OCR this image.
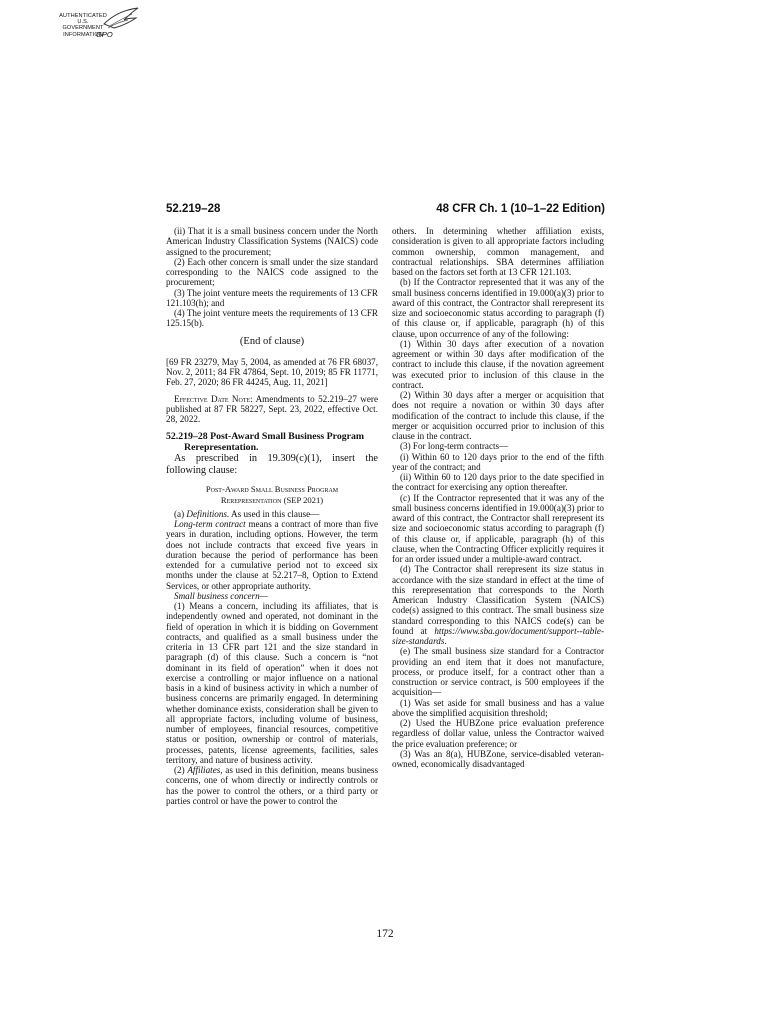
AUTHENTICATED
U.S. GOVERNMENT
INFORMATION
GPO
52.219–28	48 CFR Ch. 1 (10–1–22 Edition)

(ii) That it is a small business concern under the North American Industry Classification Systems (NAICS) code assigned to the procurement;

(2) Each other concern is small under the size standard corresponding to the NAICS code assigned to the procurement;

(3) The joint venture meets the requirements of 13 CFR 121.103(h); and

(4) The joint venture meets the requirements of 13 CFR 125.15(b).

(End of clause)

[69 FR 23279, May 5, 2004, as amended at 76 FR 68037, Nov. 2, 2011; 84 FR 47864, Sept. 10, 2019; 85 FR 11771, Feb. 27, 2020; 86 FR 44245, Aug. 11, 2021]

Effective Date Note: Amendments to 52.219–27 were published at 87 FR 58227, Sept. 23, 2022, effective Oct. 28, 2022.

52.219–28 Post-Award Small Business Program Rerepresentation.

As prescribed in 19.309(c)(1), insert the following clause:

Post-Award Small Business Program
Rerepresentation (SEP 2021)

(a) Definitions. As used in this clause—

Long-term contract means a contract of more than five years in duration, including options. However, the term does not include contracts that exceed five years in duration because the period of performance has been extended for a cumulative period not to exceed six months under the clause at 52.217–8, Option to Extend Services, or other appropriate authority.

Small business concern—

(1) Means a concern, including its affiliates, that is independently owned and operated, not dominant in the field of operation in which it is bidding on Government contracts, and qualified as a small business under the criteria in 13 CFR part 121 and the size standard in paragraph (d) of this clause. Such a concern is “not dominant in its field of operation” when it does not exercise a controlling or major influence on a national basis in a kind of business activity in which a number of business concerns are primarily engaged. In determining whether dominance exists, consideration shall be given to all appropriate factors, including volume of business, number of employees, financial resources, competitive status or position, ownership or control of materials, processes, patents, license agreements, facilities, sales territory, and nature of business activity.

(2) Affiliates, as used in this definition, means business concerns, one of whom directly or indirectly controls or has the power to control the others, or a third party or parties control or have the power to control the

others. In determining whether affiliation exists, consideration is given to all appropriate factors including common ownership, common management, and contractual relationships. SBA determines affiliation based on the factors set forth at 13 CFR 121.103.

(b) If the Contractor represented that it was any of the small business concerns identified in 19.000(a)(3) prior to award of this contract, the Contractor shall rerepresent its size and socioeconomic status according to paragraph (f) of this clause or, if applicable, paragraph (h) of this clause, upon occurrence of any of the following:

(1) Within 30 days after execution of a novation agreement or within 30 days after modification of the contract to include this clause, if the novation agreement was executed prior to inclusion of this clause in the contract.

(2) Within 30 days after a merger or acquisition that does not require a novation or within 30 days after modification of the contract to include this clause, if the merger or acquisition occurred prior to inclusion of this clause in the contract.

(3) For long-term contracts—

(i) Within 60 to 120 days prior to the end of the fifth year of the contract; and

(ii) Within 60 to 120 days prior to the date specified in the contract for exercising any option thereafter.

(c) If the Contractor represented that it was any of the small business concerns identified in 19.000(a)(3) prior to award of this contract, the Contractor shall rerepresent its size and socioeconomic status according to paragraph (f) of this clause or, if applicable, paragraph (h) of this clause, when the Contracting Officer explicitly requires it for an order issued under a multiple-award contract.

(d) The Contractor shall rerepresent its size status in accordance with the size standard in effect at the time of this rerepresentation that corresponds to the North American Industry Classification System (NAICS) code(s) assigned to this contract. The small business size standard corresponding to this NAICS code(s) can be found at https://www.sba.gov/document/support--table-size-standards.

(e) The small business size standard for a Contractor providing an end item that it does not manufacture, process, or produce itself, for a contract other than a construction or service contract, is 500 employees if the acquisition—

(1) Was set aside for small business and has a value above the simplified acquisition threshold;

(2) Used the HUBZone price evaluation preference regardless of dollar value, unless the Contractor waived the price evaluation preference; or

(3) Was an 8(a), HUBZone, service-disabled veteran-owned, economically disadvantaged

172
